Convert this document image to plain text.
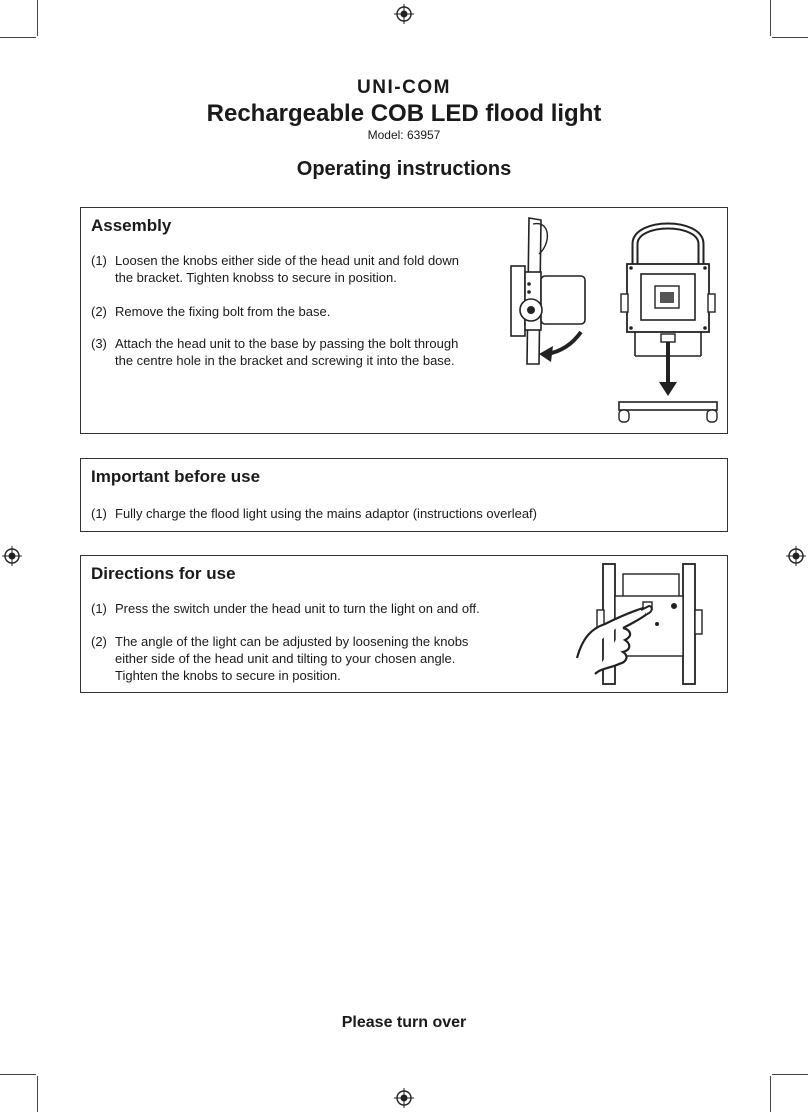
UNI-COM
Rechargeable COB LED flood light
Model: 63957
Operating instructions
Assembly
(1) Loosen the knobs either side of the head unit and fold down
the bracket. Tighten knobss to secure in position.
(2) Remove the fixing bolt from the base.
(3) Attach the head unit to the base by passing the bolt through
the centre hole in the bracket and screwing it into the base.
Important before use
(1) Fully charge the flood light using the mains adaptor (instructions overleaf)
Directions for use
(1) Press the switch under the head unit to turn the light on and off.
(2) The angle of the light can be adjusted by loosening the knobs
either side of the head unit and tilting to your chosen angle.
Tighten the knobs to secure in position.
Please turn over
